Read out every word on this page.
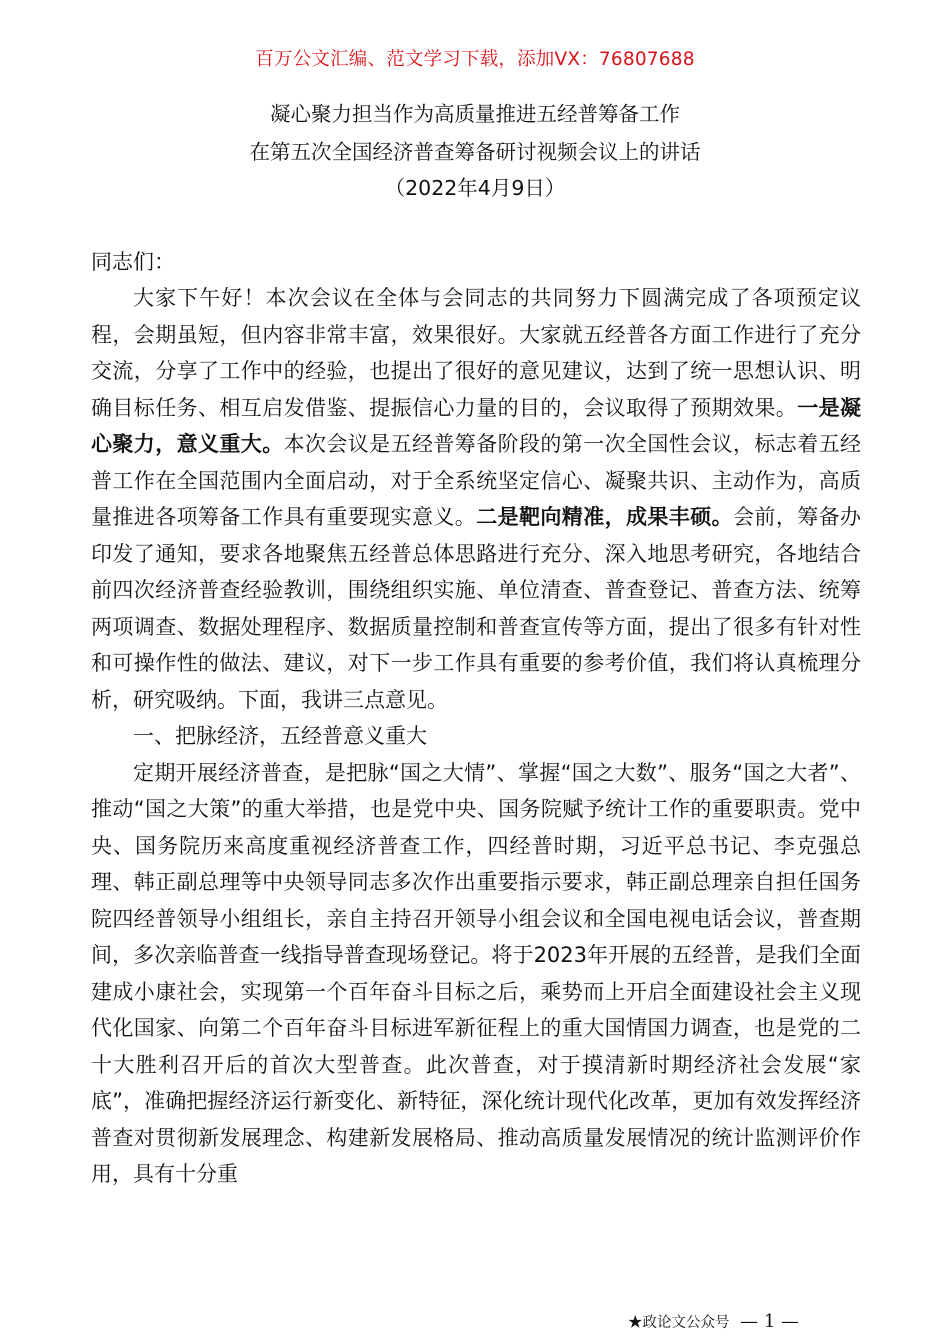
百万公文汇编、范文学习下载，添加VX：76807688
凝心聚力担当作为高质量推进五经普筹备工作
在第五次全国经济普查筹备研讨视频会议上的讲话
（2022年4月9日）
同志们：

大家下午好！本次会议在全体与会同志的共同努力下圆满完成了各项预定议程，会期虽短，但内容非常丰富，效果很好。大家就五经普各方面工作进行了充分交流，分享了工作中的经验，也提出了很好的意见建议，达到了统一思想认识、明确目标任务、相互启发借鉴、提振信心力量的目的，会议取得了预期效果。一是凝心聚力，意义重大。本次会议是五经普筹备阶段的第一次全国性会议，标志着五经普工作在全国范围内全面启动，对于全系统坚定信心、凝聚共识、主动作为，高质量推进各项筹备工作具有重要现实意义。二是靶向精准，成果丰硕。会前，筹备办印发了通知，要求各地聚焦五经普总体思路进行充分、深入地思考研究，各地结合前四次经济普查经验教训，围绕组织实施、单位清查、普查登记、普查方法、统筹两项调查、数据处理程序、数据质量控制和普查宣传等方面，提出了很多有针对性和可操作性的做法、建议，对下一步工作具有重要的参考价值，我们将认真梳理分析，研究吸纳。下面，我讲三点意见。

一、把脉经济，五经普意义重大

定期开展经济普查，是把脉“国之大情”、掌握“国之大数”、服务“国之大者”、推动“国之大策”的重大举措，也是党中央、国务院赋予统计工作的重要职责。党中央、国务院历来高度重视经济普查工作，四经普时期，习近平总书记、李克强总理、韩正副总理等中央领导同志多次作出重要指示要求，韩正副总理亲自担任国务院四经普领导小组组长，亲自主持召开领导小组会议和全国电视电话会议，普查期间，多次亲临普查一线指导普查现场登记。将于2023年开展的五经普，是我们全面建成小康社会，实现第一个百年奋斗目标之后，乘势而上开启全面建设社会主义现代化国家、向第二个百年奋斗目标进军新征程上的重大国情国力调查，也是党的二十大胜利召开后的首次大型普查。此次普查，对于摸清新时期经济社会发展“家底”，准确把握经济运行新变化、新特征，深化统计现代化改革，更加有效发挥经济普查对贯彻新发展理念、构建新发展格局、推动高质量发展情况的统计监测评价作用，具有十分重

★政论文公众号 — 1 —
